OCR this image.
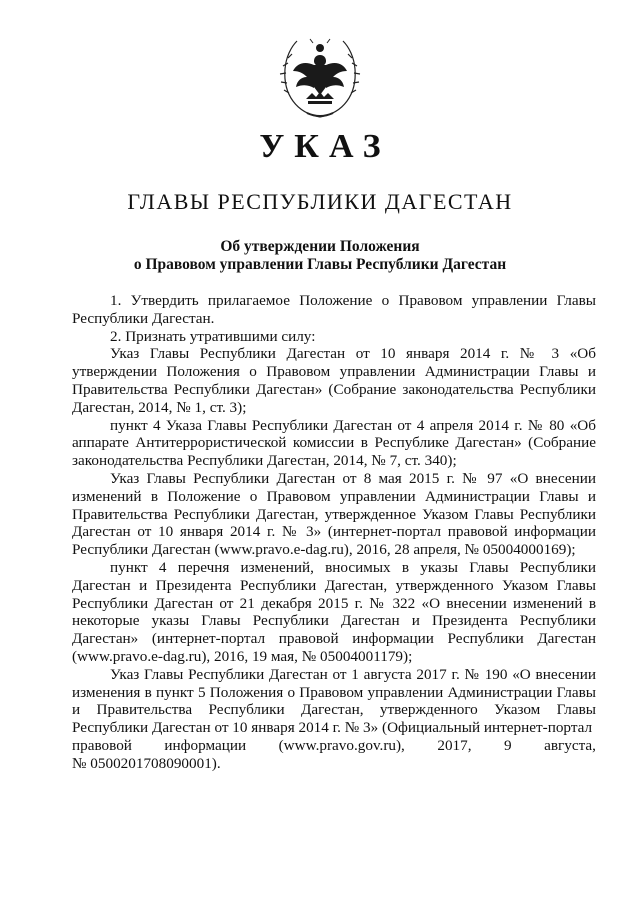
УКАЗ
ГЛАВЫ РЕСПУБЛИКИ ДАГЕСТАН
Об утверждении Положения
о Правовом управлении Главы Республики Дагестан

1. Утвердить прилагаемое Положение о Правовом управлении Главы Республики Дагестан.

2. Признать утратившими силу:

Указ Главы Республики Дагестан от 10 января 2014 г. № 3 «Об утверждении Положения о Правовом управлении Администрации Главы и Правительства Республики Дагестан» (Собрание законодательства Республики Дагестан, 2014, № 1, ст. 3);

пункт 4 Указа Главы Республики Дагестан от 4 апреля 2014 г. № 80 «Об аппарате Антитеррористической комиссии в Республике Дагестан» (Собрание законодательства Республики Дагестан, 2014, № 7, ст. 340);

Указ Главы Республики Дагестан от 8 мая 2015 г. № 97 «О внесении изменений в Положение о Правовом управлении Администрации Главы и Правительства Республики Дагестан, утвержденное Указом Главы Республики Дагестан от 10 января 2014 г. № 3» (интернет-портал правовой информации Республики Дагестан (www.pravo.e-dag.ru), 2016, 28 апреля, № 05004000169);

пункт 4 перечня изменений, вносимых в указы Главы Республики Дагестан и Президента Республики Дагестан, утвержденного Указом Главы Республики Дагестан от 21 декабря 2015 г. № 322 «О внесении изменений в некоторые указы Главы Республики Дагестан и Президента Республики Дагестан» (интернет-портал правовой информации Республики Дагестан (www.pravo.e-dag.ru), 2016, 19 мая, № 05004001179);

Указ Главы Республики Дагестан от 1 августа 2017 г. № 190 «О внесении изменения в пункт 5 Положения о Правовом управлении Администрации Главы и Правительства Республики Дагестан, утвержденного Указом Главы Республики Дагестан от 10 января 2014 г. № 3» (Официальный интернет-портал

правовой информации (www.pravo.gov.ru), 2017, 9 августа,
№ 0500201708090001).
